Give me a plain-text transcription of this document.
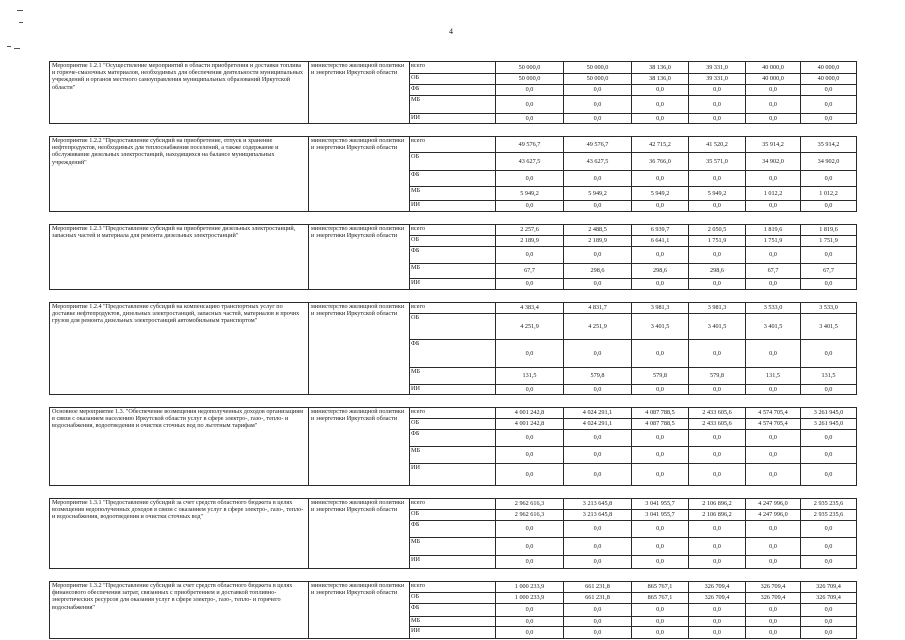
4
Мероприятие 1.2.1 "Осуществление мероприятий в области приобретения и доставки топлива и горюче-смазочных материалов, необходимых для обеспечения деятельности муниципальных учреждений и органов местного самоуправления муниципальных образований Иркутской области"	министерство жилищной политики и энергетики Иркутской области	всего	50 000,0	50 000,0	38 136,0	39 331,0	40 000,0	40 000,0
		ОБ	50 000,0	50 000,0	38 136,0	39 331,0	40 000,0	40 000,0
		ФБ	0,0	0,0	0,0	0,0	0,0	0,0
		МБ	0,0	0,0	0,0	0,0	0,0	0,0
		ИИ	0,0	0,0	0,0	0,0	0,0	0,0

Мероприятие 1.2.2 "Предоставление субсидий на приобретение, отпуск и хранение нефтепродуктов, необходимых для теплоснабжения поселений, а также содержание и обслуживание дизельных электростанций, находящихся на балансе муниципальных учреждений"	министерство жилищной политики и энергетики Иркутской области	всего	49 576,7	49 576,7	42 715,2	41 520,2	35 914,2	35 914,2
		ОБ	43 627,5	43 627,5	36 766,0	35 571,0	34 902,0	34 902,0
		ФБ	0,0	0,0	0,0	0,0	0,0	0,0
		МБ	5 949,2	5 949,2	5 949,2	5 949,2	1 012,2	1 012,2
		ИИ	0,0	0,0	0,0	0,0	0,0	0,0

Мероприятие 1.2.3 "Предоставление субсидий на приобретение дизельных электростанций, запасных частей и материала для ремонта дизельных электростанций"	министерство жилищной политики и энергетики Иркутской области	всего	2 257,6	2 488,5	6 939,7	2 050,5	1 819,6	1 819,6
		ОБ	2 189,9	2 189,9	6 641,1	1 751,9	1 751,9	1 751,9
		ФБ	0,0	0,0	0,0	0,0	0,0	0,0
		МБ	67,7	298,6	298,6	298,6	67,7	67,7
		ИИ	0,0	0,0	0,0	0,0	0,0	0,0

Мероприятие 1.2.4 "Предоставление субсидий на компенсацию транспортных услуг по доставке нефтепродуктов, дизельных электростанций, запасных частей, материалов и прочих грузов для ремонта дизельных электростанций автомобильным транспортом"	министерство жилищной политики и энергетики Иркутской области	всего	4 383,4	4 831,7	3 981,3	3 981,3	3 533,0	3 533,0
		ОБ	4 251,9	4 251,9	3 401,5	3 401,5	3 401,5	3 401,5
		ФБ	0,0	0,0	0,0	0,0	0,0	0,0
		МБ	131,5	579,8	579,8	579,8	131,5	131,5
		ИИ	0,0	0,0	0,0	0,0	0,0	0,0

Основное мероприятие 1.3. "Обеспечение возмещения недополученных доходов организациям в связи с оказанием населению Иркутской области услуг в сфере электро-, газо-, тепло- и водоснабжения, водоотведения и очистки сточных вод по льготным тарифам"	министерство жилищной политики и энергетики Иркутской области	всего	4 001 242,8	4 024 291,1	4 087 788,5	2 433 605,6	4 574 705,4	3 261 945,0
		ОБ	4 001 242,8	4 024 291,1	4 087 788,5	2 433 605,6	4 574 705,4	3 261 945,0
		ФБ	0,0	0,0	0,0	0,0	0,0	0,0
		МБ	0,0	0,0	0,0	0,0	0,0	0,0
		ИИ	0,0	0,0	0,0	0,0	0,0	0,0

Мероприятие 1.3.1 "Предоставление субсидий за счет средств областного бюджета в целях возмещения недополученных доходов в связи с оказанием услуг в сфере электро-, газо-, тепло- и водоснабжения, водоотведения и очистки сточных вод"	министерство жилищной политики и энергетики Иркутской области	всего	2 962 616,3	3 213 645,8	3 041 955,7	2 106 896,2	4 247 996,0	2 935 235,6
		ОБ	2 962 616,3	3 213 645,8	3 041 955,7	2 106 896,2	4 247 996,0	2 935 235,6
		ФБ	0,0	0,0	0,0	0,0	0,0	0,0
		МБ	0,0	0,0	0,0	0,0	0,0	0,0
		ИИ	0,0	0,0	0,0	0,0	0,0	0,0

Мероприятие 1.3.2 "Предоставление субсидий за счет средств областного бюджета в целях финансового обеспечения затрат, связанных с приобретением и доставкой топливно-энергетических ресурсов для оказания услуг в сфере электро-, газо-, тепло- и горячего водоснабжения"	министерство жилищной политики и энергетики Иркутской области	всего	1 000 233,9	661 231,8	865 767,1	326 709,4	326 709,4	326 709,4
		ОБ	1 000 233,9	661 231,8	865 767,1	326 709,4	326 709,4	326 709,4
		ФБ	0,0	0,0	0,0	0,0	0,0	0,0
		МБ	0,0	0,0	0,0	0,0	0,0	0,0
		ИИ	0,0	0,0	0,0	0,0	0,0	0,0
